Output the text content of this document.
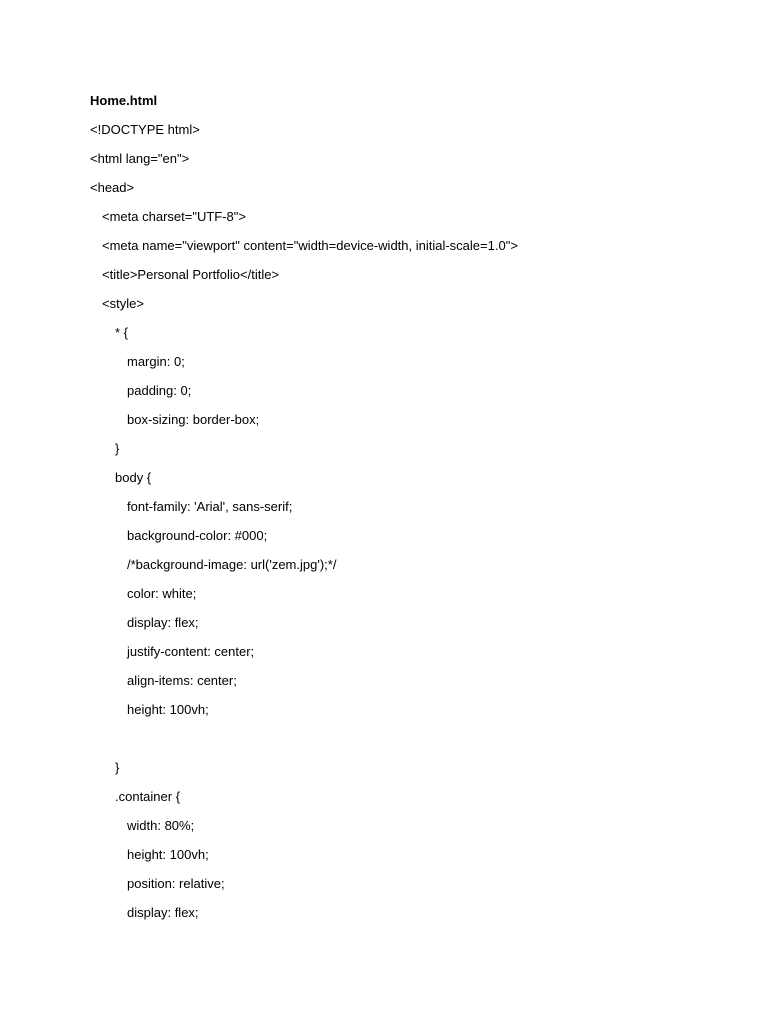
Home.html
<!DOCTYPE html>
<html lang="en">
<head>
<meta charset="UTF-8">
<meta name="viewport" content="width=device-width, initial-scale=1.0">
<title>Personal Portfolio</title>
<style>
* {
margin: 0;
padding: 0;
box-sizing: border-box;
}
body {
font-family: 'Arial', sans-serif;
background-color: #000;
/*background-image: url('zem.jpg');*/
color: white;
display: flex;
justify-content: center;
align-items: center;
height: 100vh;
}
.container {
width: 80%;
height: 100vh;
position: relative;
display: flex;
